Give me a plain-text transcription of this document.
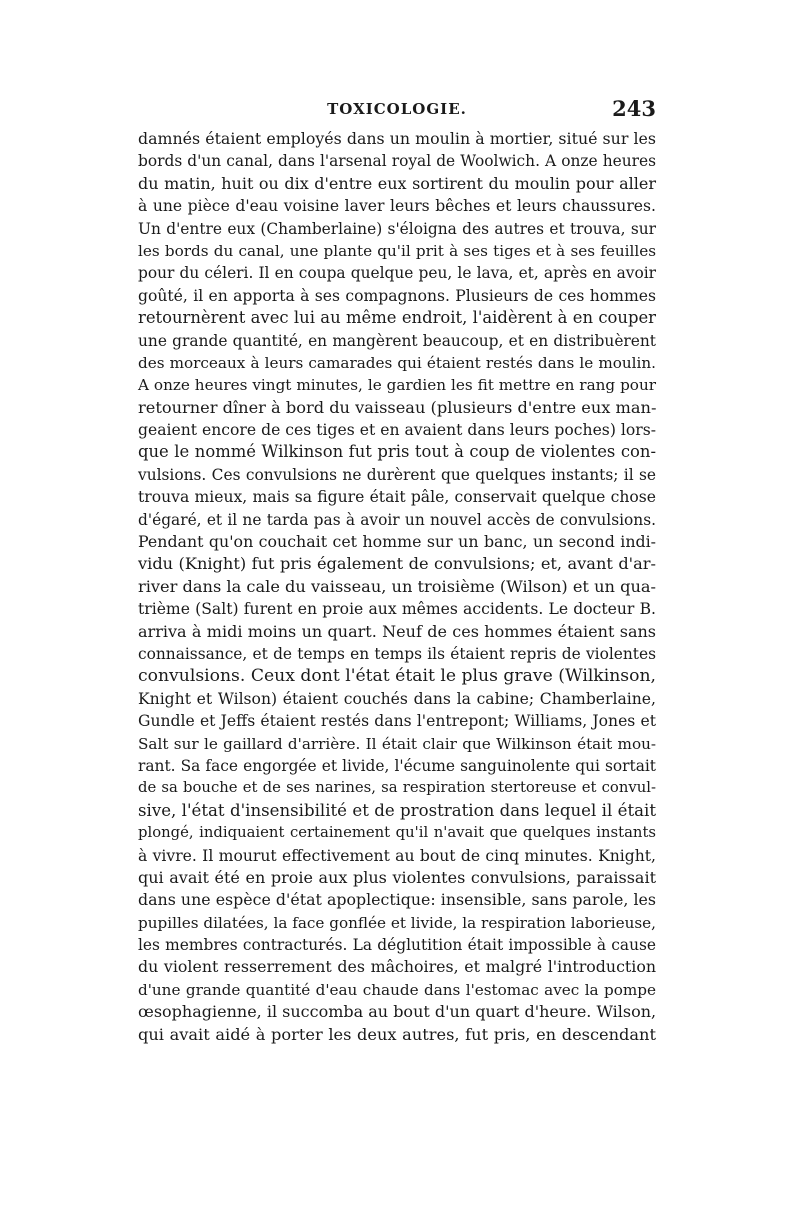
TOXICOLOGIE.	243
damnés étaient employés dans un moulin à mortier, situé sur les
bords d'un canal, dans l'arsenal royal de Woolwich. A onze heures
du matin, huit ou dix d'entre eux sortirent du moulin pour aller
à une pièce d'eau voisine laver leurs bêches et leurs chaussures.
Un d'entre eux (Chamberlaine) s'éloigna des autres et trouva, sur
les bords du canal, une plante qu'il prit à ses tiges et à ses feuilles
pour du céleri. Il en coupa quelque peu, le lava, et, après en avoir
goûté, il en apporta à ses compagnons. Plusieurs de ces hommes
retournèrent avec lui au même endroit, l'aidèrent à en couper
une grande quantité, en mangèrent beaucoup, et en distribuèrent
des morceaux à leurs camarades qui étaient restés dans le moulin.
A onze heures vingt minutes, le gardien les fit mettre en rang pour
retourner dîner à bord du vaisseau (plusieurs d'entre eux man-
geaient encore de ces tiges et en avaient dans leurs poches) lors-
que le nommé Wilkinson fut pris tout à coup de violentes con-
vulsions. Ces convulsions ne durèrent que quelques instants; il se
trouva mieux, mais sa figure était pâle, conservait quelque chose
d'égaré, et il ne tarda pas à avoir un nouvel accès de convulsions.
Pendant qu'on couchait cet homme sur un banc, un second indi-
vidu (Knight) fut pris également de convulsions; et, avant d'ar-
river dans la cale du vaisseau, un troisième (Wilson) et un qua-
trième (Salt) furent en proie aux mêmes accidents. Le docteur B.
arriva à midi moins un quart. Neuf de ces hommes étaient sans
connaissance, et de temps en temps ils étaient repris de violentes
convulsions. Ceux dont l'état était le plus grave (Wilkinson,
Knight et Wilson) étaient couchés dans la cabine; Chamberlaine,
Gundle et Jeffs étaient restés dans l'entrepont; Williams, Jones et
Salt sur le gaillard d'arrière. Il était clair que Wilkinson était mou-
rant. Sa face engorgée et livide, l'écume sanguinolente qui sortait
de sa bouche et de ses narines, sa respiration stertoreuse et convul-
sive, l'état d'insensibilité et de prostration dans lequel il était
plongé, indiquaient certainement qu'il n'avait que quelques instants
à vivre. Il mourut effectivement au bout de cinq minutes. Knight,
qui avait été en proie aux plus violentes convulsions, paraissait
dans une espèce d'état apoplectique: insensible, sans parole, les
pupilles dilatées, la face gonflée et livide, la respiration laborieuse,
les membres contracturés. La déglutition était impossible à cause
du violent resserrement des mâchoires, et malgré l'introduction
d'une grande quantité d'eau chaude dans l'estomac avec la pompe
œsophagienne, il succomba au bout d'un quart d'heure. Wilson,
qui avait aidé à porter les deux autres, fut pris, en descendant
